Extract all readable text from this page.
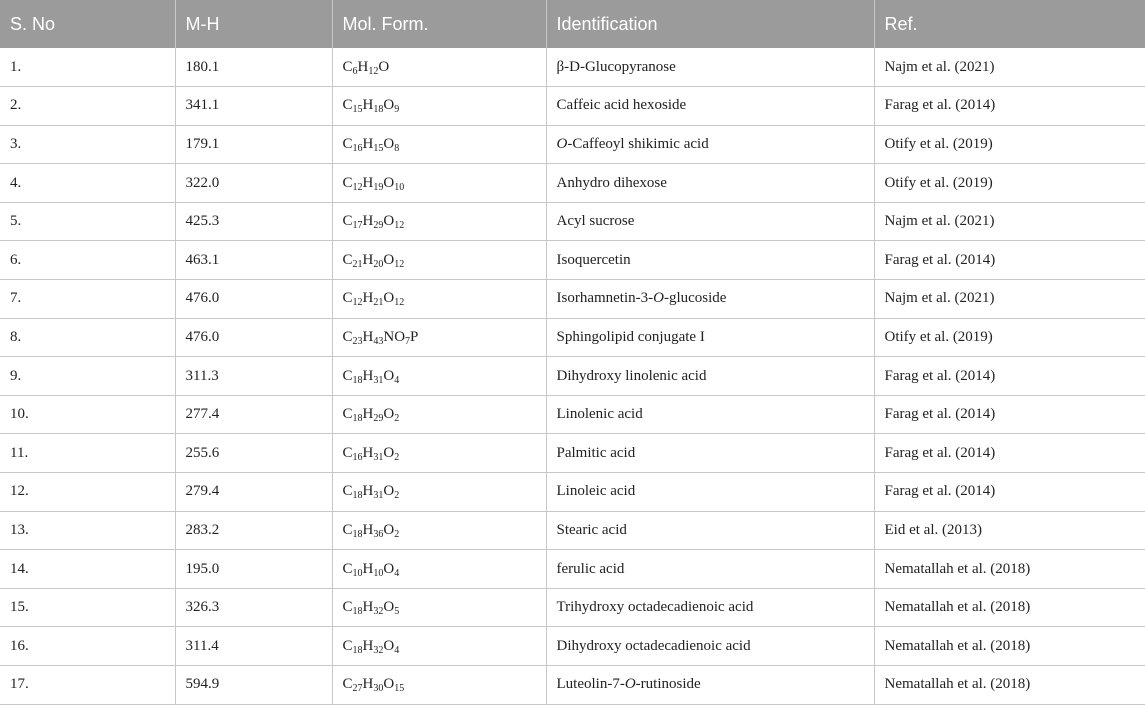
S. No	M-H	Mol. Form.	Identification	Ref.
1.	180.1	$C_6H_{12}O$	β-D-Glucopyranose	Najm et al. (2021)
2.	341.1	$C_{15}H_{18}O_9$	Caffeic acid hexoside	Farag et al. (2014)
3.	179.1	$C_{16}H_{15}O_8$	O-Caffeoyl shikimic acid	Otify et al. (2019)
4.	322.0	$C_{12}H_{19}O_{10}$	Anhydro dihexose	Otify et al. (2019)
5.	425.3	$C_{17}H_{29}O_{12}$	Acyl sucrose	Najm et al. (2021)
6.	463.1	$C_{21}H_{20}O_{12}$	Isoquercetin	Farag et al. (2014)
7.	476.0	$C_{12}H_{21}O_{12}$	Isorhamnetin-3-O-glucoside	Najm et al. (2021)
8.	476.0	$C_{23}H_{43}NO_7P$	Sphingolipid conjugate I	Otify et al. (2019)
9.	311.3	$C_{18}H_{31}O_4$	Dihydroxy linolenic acid	Farag et al. (2014)
10.	277.4	$C_{18}H_{29}O_2$	Linolenic acid	Farag et al. (2014)
11.	255.6	$C_{16}H_{31}O_2$	Palmitic acid	Farag et al. (2014)
12.	279.4	$C_{18}H_{31}O_2$	Linoleic acid	Farag et al. (2014)
13.	283.2	$C_{18}H_{36}O_2$	Stearic acid	Eid et al. (2013)
14.	195.0	$C_{10}H_{10}O_4$	ferulic acid	Nematallah et al. (2018)
15.	326.3	$C_{18}H_{32}O_5$	Trihydroxy octadecadienoic acid	Nematallah et al. (2018)
16.	311.4	$C_{18}H_{32}O_4$	Dihydroxy octadecadienoic acid	Nematallah et al. (2018)
17.	594.9	$C_{27}H_{30}O_{15}$	Luteolin-7-O-rutinoside	Nematallah et al. (2018)
